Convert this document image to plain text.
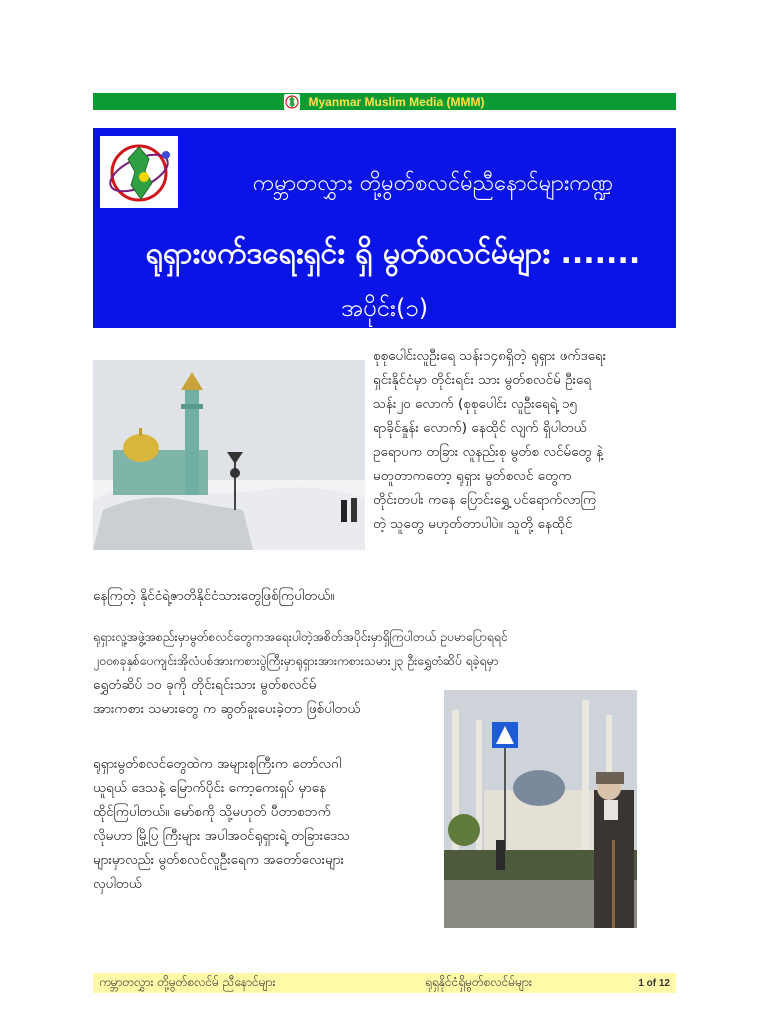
Myanmar Muslim Media (MMM)
ကမ္ဘာတလွှား တို့မွတ်စလင်မ်ညီနောင်များကဏ္ဍ
ရုရှားဖက်ဒရေးရှင်း ရှိ မွတ်စလင်မ်များ .......
အပိုင်း(၁)
စုစုပေါင်းလူဦးရေ သန်း၁၄၈ရှိတဲ့ ရုရှား ဖက်ဒရေး
ရှင်းနိုင်ငံမှာ တိုင်းရင်း သား မွတ်စလင်မ် ဦးရေ
သန်း၂၀ လောက် (စုစုပေါင်း လူဦးရေရဲ့ ၁၅
ရာခိုင်နှုန်း လောက်) နေထိုင် လျက် ရှိပါတယ်
ဥရောပက တခြား လူနည်းစု မွတ်စ လင်မ်တွေ နဲ့
မတူတာကတော့ ရုရှား မွတ်စလင် တွေက
တိုင်းတပါး ကနေ ပြောင်းရွှေ့ ပင်ရောက်လာကြ
တဲ့ သူတွေ မဟုတ်တာပါပဲ။ သူတို့ နေထိုင်
နေကြတဲ့ နိုင်ငံရဲ့ဇာတိနိုင်ငံသားတွေဖြစ်ကြပါတယ်။
ရုရှားလူ့အဖွဲ့အစည်းမှာမွတ်စလင်တွေကအရေးပါတဲ့အစိတ်အပိုင်းမှာရှိကြပါတယ် ဥပမာပြောရရင်
၂၀၀၈ခုနှစ်ပေကျင်းအိုလံပစ်အားကစားပွဲကြီးမှာရုရှားအားကစားသမား၂၃ ဦးရွှေတံဆိပ် ရခဲ့ရမှာ
ရွှေတံဆိပ် ၁၀ ခုကို တိုင်းရင်းသား မွတ်စလင်မ်
အားကစား သမားတွေ က ဆွတ်ခူးပေးခဲ့တာ ဖြစ်ပါတယ်
ရုရှားမွတ်စလင်တွေထဲက အများစုကြီးက တော်လဂါ
ယူရယ် ဒေသနဲ့ မြောက်ပိုင်း ကော့ကေးရှပ် မှာနေ
ထိုင်ကြပါတယ်။ မော်စကို သို့မဟုတ် ပီတာစဘက်
လိုမဟာ မြို့ပြ ကြီးများ အပါအဝင်ရုရှားရဲ့ တခြားဒေသ
များမှာလည်း မွတ်စလင်လူဦးရေက အတော်လေးများ
လှပါတယ်
ကမ္ဘာတလွှား တို့မွတ်စလင်မ် ညီနောင်များ	ရုရှနိုင်ငံရှိမွတ်စလင်မ်များ	1 of 12
